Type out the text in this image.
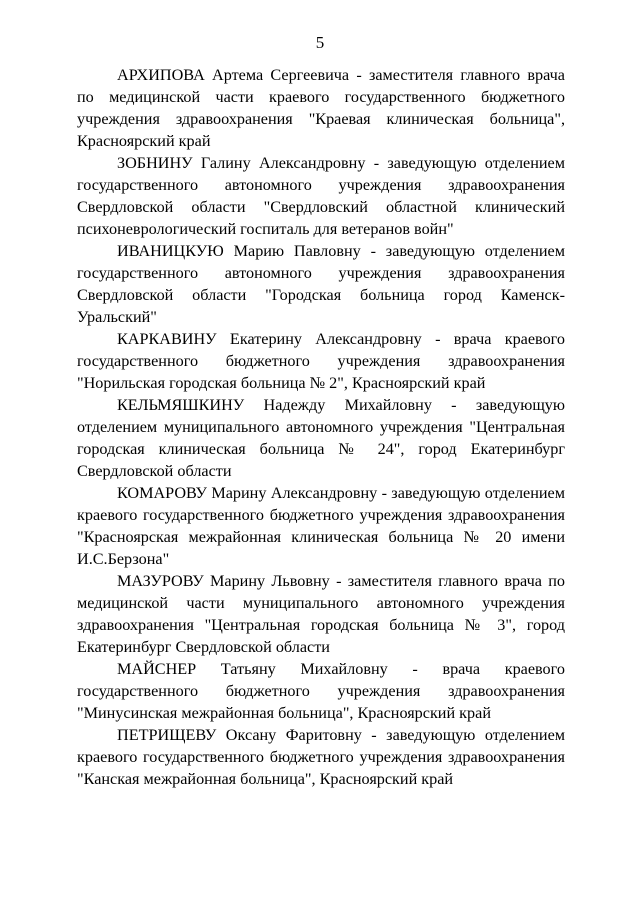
5

АРХИПОВА Артема Сергеевича - заместителя главного врача по медицинской части краевого государственного бюджетного учреждения здравоохранения "Краевая клиническая больница", Красноярский край

ЗОБНИНУ Галину Александровну - заведующую отделением государственного автономного учреждения здравоохранения Свердловской области "Свердловский областной клинический психоневрологический госпиталь для ветеранов войн"

ИВАНИЦКУЮ Марию Павловну - заведующую отделением государственного автономного учреждения здравоохранения Свердловской области "Городская больница город Каменск-Уральский"

КАРКАВИНУ Екатерину Александровну - врача краевого государственного бюджетного учреждения здравоохранения "Норильская городская больница № 2", Красноярский край

КЕЛЬМЯШКИНУ Надежду Михайловну - заведующую отделением муниципального автономного учреждения "Центральная городская клиническая больница № 24", город Екатеринбург Свердловской области

КОМАРОВУ Марину Александровну - заведующую отделением краевого государственного бюджетного учреждения здравоохранения "Красноярская межрайонная клиническая больница № 20 имени И.С.Берзона"

МАЗУРОВУ Марину Львовну - заместителя главного врача по медицинской части муниципального автономного учреждения здравоохранения "Центральная городская больница № 3", город Екатеринбург Свердловской области

МАЙСНЕР Татьяну Михайловну - врача краевого государственного бюджетного учреждения здравоохранения "Минусинская межрайонная больница", Красноярский край

ПЕТРИЩЕВУ Оксану Фаритовну - заведующую отделением краевого государственного бюджетного учреждения здравоохранения "Канская межрайонная больница", Красноярский край
